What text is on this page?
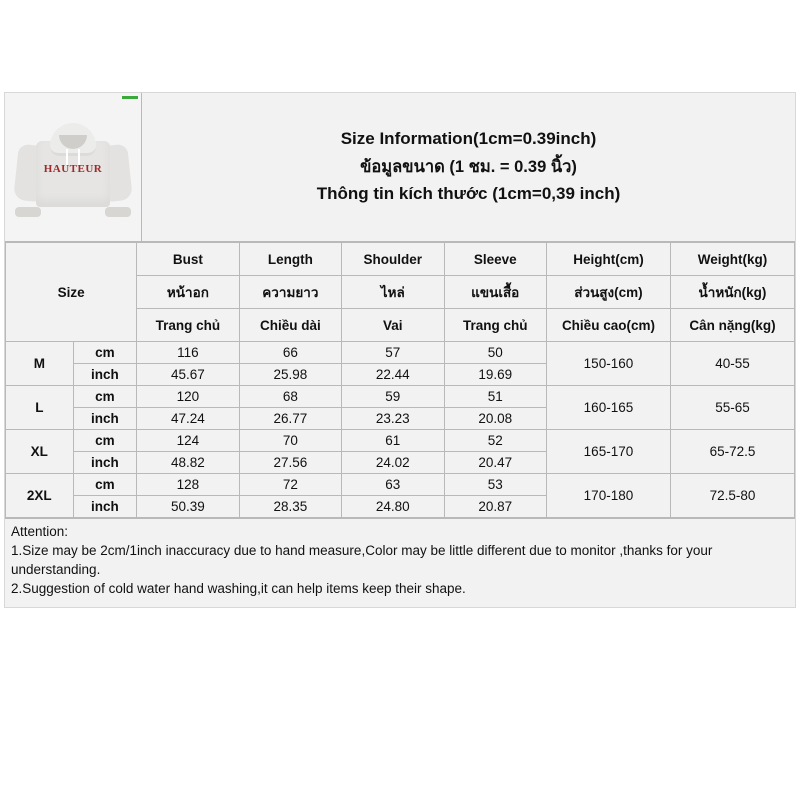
HAUTEUR
Size Information(1cm=0.39inch)
ข้อมูลขนาด (1 ชม. = 0.39 นิ้ว)
Thông tin kích thước (1cm=0,39 inch)
Size		Bust	Length	Shoulder	Sleeve	Height(cm)	Weight(kg)
		หน้าอก	ความยาว	ไหล่	แขนเสื้อ	ส่วนสูง(cm)	น้ำหนัก(kg)
		Trang chủ	Chiều dài	Vai	Trang chủ	Chiều cao(cm)	Cân nặng(kg)
M	cm	116	66	57	50	150-160	40-55
	inch	45.67	25.98	22.44	19.69		
L	cm	120	68	59	51	160-165	55-65
	inch	47.24	26.77	23.23	20.08		
XL	cm	124	70	61	52	165-170	65-72.5
	inch	48.82	27.56	24.02	20.47		
2XL	cm	128	72	63	53	170-180	72.5-80
	inch	50.39	28.35	24.80	20.87		

Attention:

1.Size may be 2cm/1inch inaccuracy due to hand measure,Color may be little different due to monitor ,thanks for your understanding.

2.Suggestion of cold water hand washing,it can help items keep their shape.
